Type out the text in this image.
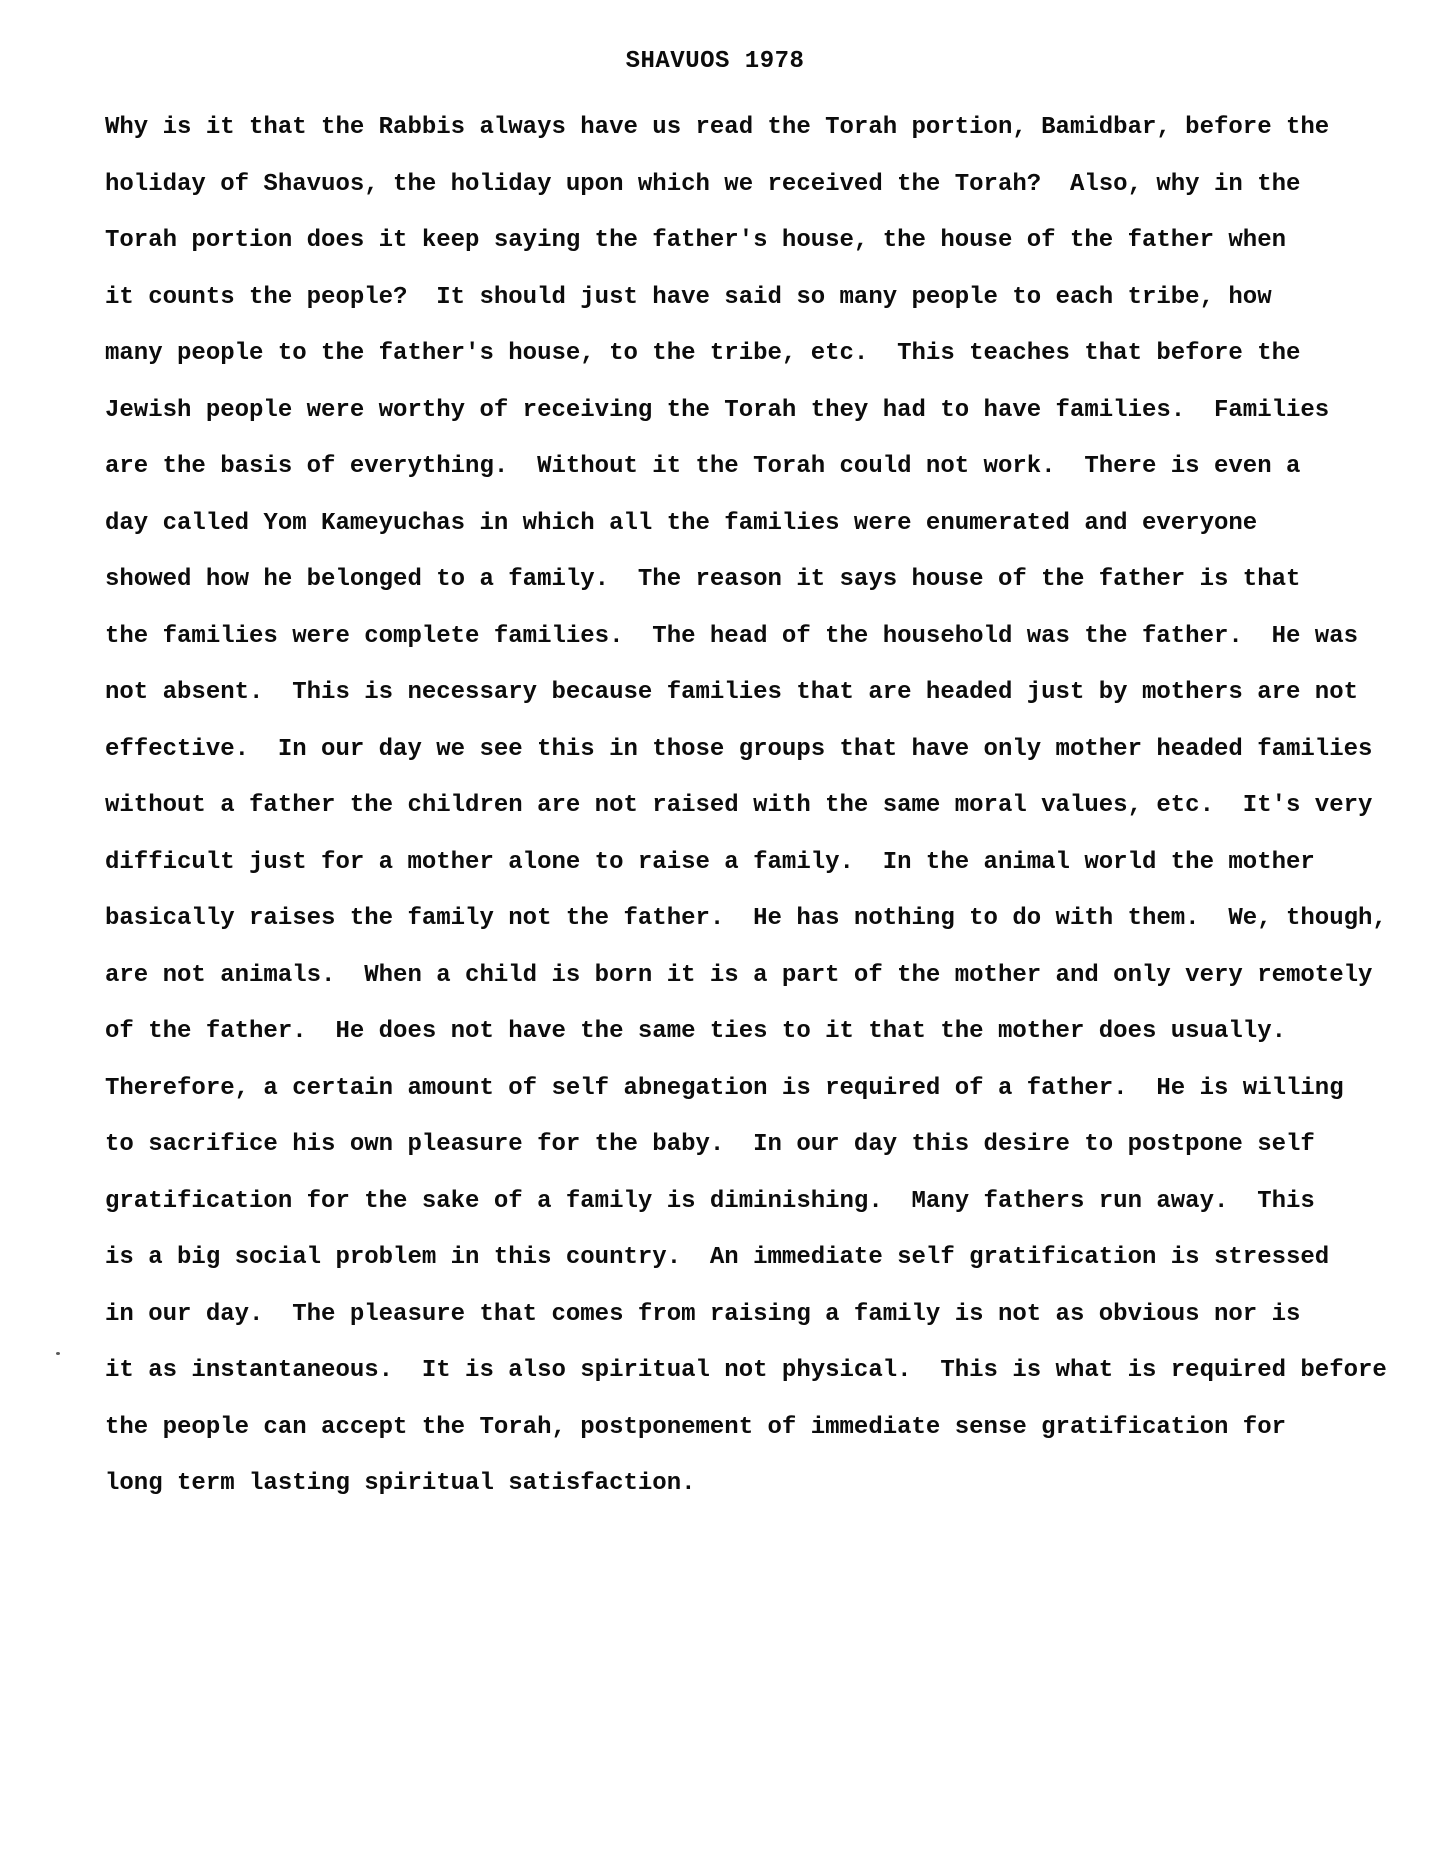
SHAVUOS 1978
Why is it that the Rabbis always have us read the Torah portion, Bamidbar, before the
holiday of Shavuos, the holiday upon which we received the Torah?  Also, why in the
Torah portion does it keep saying the father's house, the house of the father when
it counts the people?  It should just have said so many people to each tribe, how
many people to the father's house, to the tribe, etc.  This teaches that before the
Jewish people were worthy of receiving the Torah they had to have families.  Families
are the basis of everything.  Without it the Torah could not work.  There is even a
day called Yom Kameyuchas in which all the families were enumerated and everyone
showed how he belonged to a family.  The reason it says house of the father is that
the families were complete families.  The head of the household was the father.  He was
not absent.  This is necessary because families that are headed just by mothers are not
effective.  In our day we see this in those groups that have only mother headed families
without a father the children are not raised with the same moral values, etc.  It's very
difficult just for a mother alone to raise a family.  In the animal world the mother
basically raises the family not the father.  He has nothing to do with them.  We, though,
are not animals.  When a child is born it is a part of the mother and only very remotely
of the father.  He does not have the same ties to it that the mother does usually.
Therefore, a certain amount of self abnegation is required of a father.  He is willing
to sacrifice his own pleasure for the baby.  In our day this desire to postpone self
gratification for the sake of a family is diminishing.  Many fathers run away.  This
is a big social problem in this country.  An immediate self gratification is stressed
in our day.  The pleasure that comes from raising a family is not as obvious nor is
it as instantaneous.  It is also spiritual not physical.  This is what is required before
the people can accept the Torah, postponement of immediate sense gratification for
long term lasting spiritual satisfaction.
